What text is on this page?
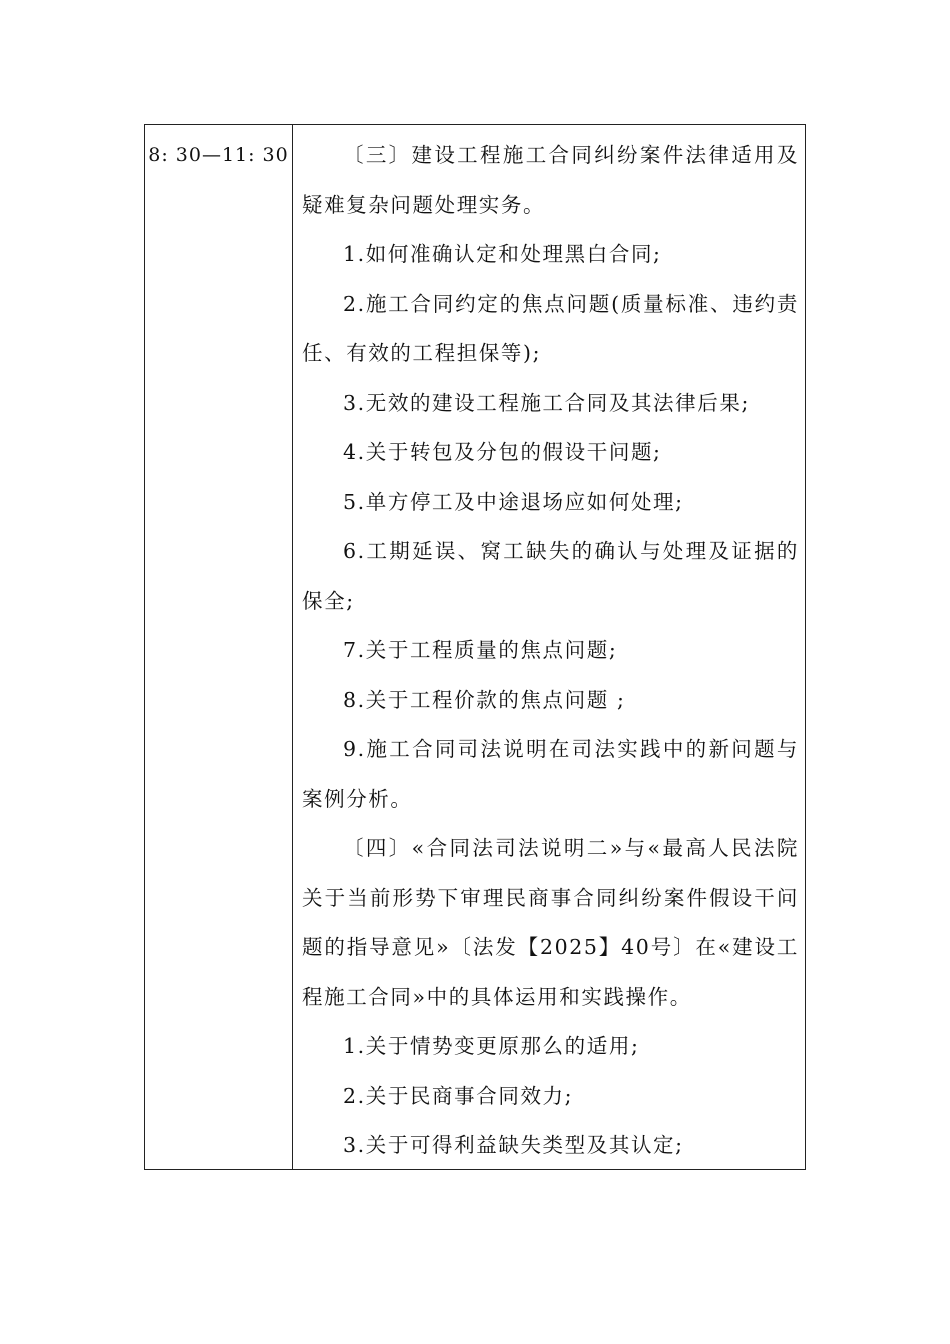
8: 30—11: 30	〔三〕建设工程施工合同纠纷案件法律适用及疑难复杂问题处理实务。

1.如何准确认定和处理黑白合同;

2.施工合同约定的焦点问题(质量标准、违约责任、有效的工程担保等);

3.无效的建设工程施工合同及其法律后果;

4.关于转包及分包的假设干问题;

5.单方停工及中途退场应如何处理;

6.工期延误、窝工缺失的确认与处理及证据的保全;

7.关于工程质量的焦点问题;

8.关于工程价款的焦点问题 ;

9.施工合同司法说明在司法实践中的新问题与案例分析。

〔四〕«合同法司法说明二»与«最高人民法院关于当前形势下审理民商事合同纠纷案件假设干问题的指导意见»〔法发【2025】40号〕在«建设工程施工合同»中的具体运用和实践操作。

1.关于情势变更原那么的适用;

2.关于民商事合同效力;

3.关于可得利益缺失类型及其认定;
